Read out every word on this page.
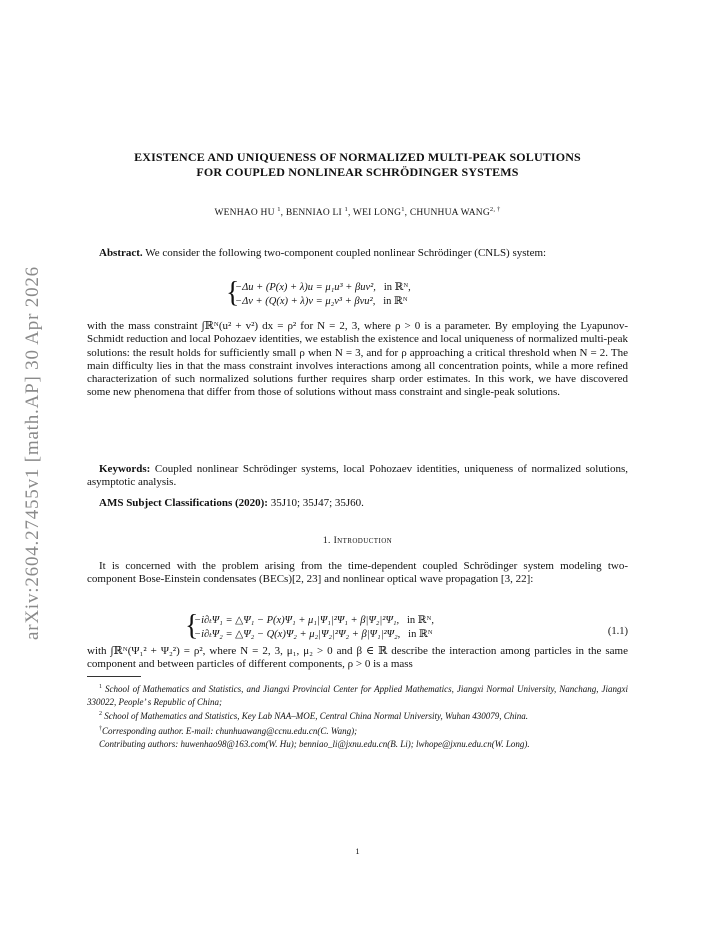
arXiv:2604.27455v1 [math.AP] 30 Apr 2026
EXISTENCE AND UNIQUENESS OF NORMALIZED MULTI-PEAK SOLUTIONS
FOR COUPLED NONLINEAR SCHRÖDINGER SYSTEMS
WENHAO HU $^1$, BENNIAO LI $^1$, WEI LONG$^1$, CHUNHUA $WANG^{2, \dagger}$
Abstract. We consider the following two-component coupled nonlinear Schrödinger (CNLS) system:
{
−Δu + (P(x) + λ)u = μ₁u³ + βuv², in ℝᴺ,
−Δv + (Q(x) + λ)v = μ₂v³ + βvu², in ℝᴺ
with the mass constraint ∫ℝᴺ(u² + v²) dx = ρ² for N = 2, 3, where ρ > 0 is a parameter. By employing the Lyapunov-Schmidt reduction and local Pohozaev identities, we establish the existence and local uniqueness of normalized multi-peak solutions: the result holds for sufficiently small ρ when N = 3, and for ρ approaching a critical threshold when N = 2. The main difficulty lies in that the mass constraint involves interactions among all concentration points, while a more refined characterization of such normalized solutions further requires sharp order estimates. In this work, we have discovered some new phenomena that differ from those of solutions without mass constraint and single-peak solutions.
Keywords: Coupled nonlinear Schrödinger systems, local Pohozaev identities, uniqueness of normalized solutions, asymptotic analysis.
AMS Subject Classifications (2020): 35J10; 35J47; 35J60.
1. Introduction
It is concerned with the problem arising from the time-dependent coupled Schrödinger system modeling two-component Bose-Einstein condensates (BECs)[2, 23] and nonlinear optical wave propagation [3, 22]:
{
−i∂ₜΨ₁ = △Ψ₁ − P(x)Ψ₁ + μ₁|Ψ₁|²Ψ₁ + β|Ψ₂|²Ψ₁, in ℝᴺ,
−i∂ₜΨ₂ = △Ψ₂ − Q(x)Ψ₂ + μ₂|Ψ₂|²Ψ₂ + β|Ψ₁|²Ψ₂, in ℝᴺ	(1.1)
with ∫ℝᴺ(Ψ₁² + Ψ₂²) = ρ², where N = 2, 3, μ₁, μ₂ > 0 and β ∈ ℝ describe the interaction among particles in the same component and between particles of different components, ρ > 0 is a mass

$^1$ School of Mathematics and Statistics, and Jiangxi Provincial Center for Applied Mathematics, Jiangxi Normal University, Nanchang, Jiangxi 330022, People’ s Republic of China;

$^2$ School of Mathematics and Statistics, Key Lab NAA–MOE, Central China Normal University, Wuhan 430079, China.

†Corresponding author. E-mail: chunhuawang@ccnu.edu.cn(C. Wang);

Contributing authors: huwenhao98@163.com(W. Hu); benniao_li@jxnu.edu.cn(B. Li); lwhope@jxnu.edu.cn(W. Long).

1
